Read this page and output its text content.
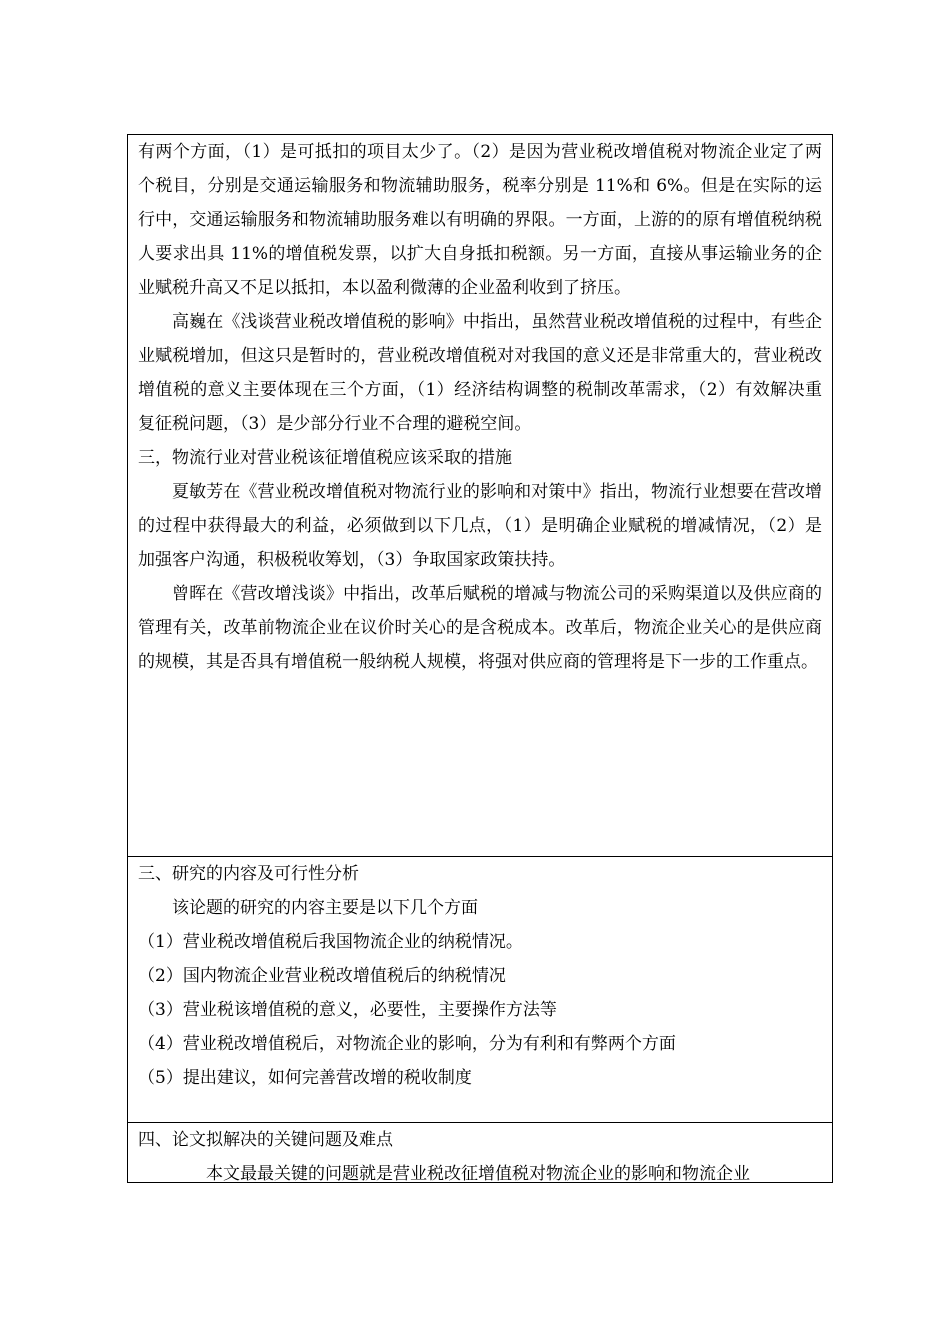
有两个方面，（1）是可抵扣的项目太少了。（2）是因为营业税改增值税对物流企业定了两个税目，分别是交通运输服务和物流辅助服务，税率分别是 11%和 6%。但是在实际的运行中，交通运输服务和物流辅助服务难以有明确的界限。一方面，上游的的原有增值税纳税人要求出具 11%的增值税发票，以扩大自身抵扣税额。另一方面，直接从事运输业务的企业赋税升高又不足以抵扣，本以盈利微薄的企业盈利收到了挤压。

高巍在《浅谈营业税改增值税的影响》中指出，虽然营业税改增值税的过程中，有些企业赋税增加，但这只是暂时的，营业税改增值税对对我国的意义还是非常重大的，营业税改增值税的意义主要体现在三个方面，（1）经济结构调整的税制改革需求，（2）有效解决重复征税问题，（3）是少部分行业不合理的避税空间。

三，物流行业对营业税该征增值税应该采取的措施

夏敏芳在《营业税改增值税对物流行业的影响和对策中》指出，物流行业想要在营改增的过程中获得最大的利益，必须做到以下几点，（1）是明确企业赋税的增减情况，（2）是加强客户沟通，积极税收筹划，（3）争取国家政策扶持。

曾晖在《营改增浅谈》中指出，改革后赋税的增减与物流公司的采购渠道以及供应商的管理有关，改革前物流企业在议价时关心的是含税成本。改革后，物流企业关心的是供应商的规模，其是否具有增值税一般纳税人规模，将强对供应商的管理将是下一步的工作重点。

三、研究的内容及可行性分析

该论题的研究的内容主要是以下几个方面

（1）营业税改增值税后我国物流企业的纳税情况。

（2）国内物流企业营业税改增值税后的纳税情况

（3）营业税该增值税的意义，必要性，主要操作方法等

（4）营业税改增值税后，对物流企业的影响，分为有利和有弊两个方面

（5）提出建议，如何完善营改增的税收制度

四、论文拟解决的关键问题及难点

本文最最关键的问题就是营业税改征增值税对物流企业的影响和物流企业
